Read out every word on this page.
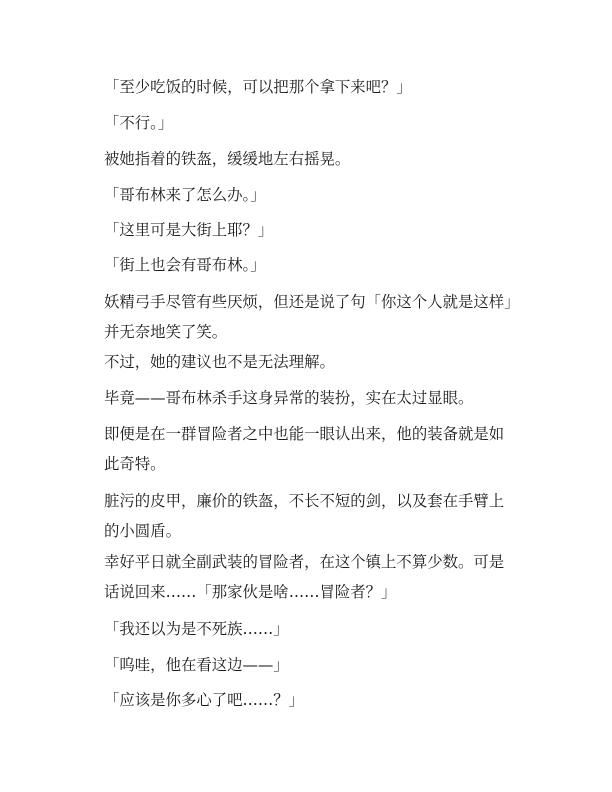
「至少吃饭的时候，可以把那个拿下来吧？」
「不行。」
被她指着的铁盔，缓缓地左右摇晃。
「哥布林来了怎么办。」
「这里可是大街上耶？」
「街上也会有哥布林。」
妖精弓手尽管有些厌烦，但还是说了句「你这个人就是这样」并无奈地笑了笑。
不过，她的建议也不是无法理解。
毕竟——哥布林杀手这身异常的装扮，实在太过显眼。
即便是在一群冒险者之中也能一眼认出来，他的装备就是如此奇特。
脏污的皮甲，廉价的铁盔，不长不短的剑，以及套在手臂上的小圆盾。
幸好平日就全副武装的冒险者，在这个镇上不算少数。可是话说回来……「那家伙是啥……冒险者？」
「我还以为是不死族……」
「呜哇，他在看这边——」
「应该是你多心了吧……？」
